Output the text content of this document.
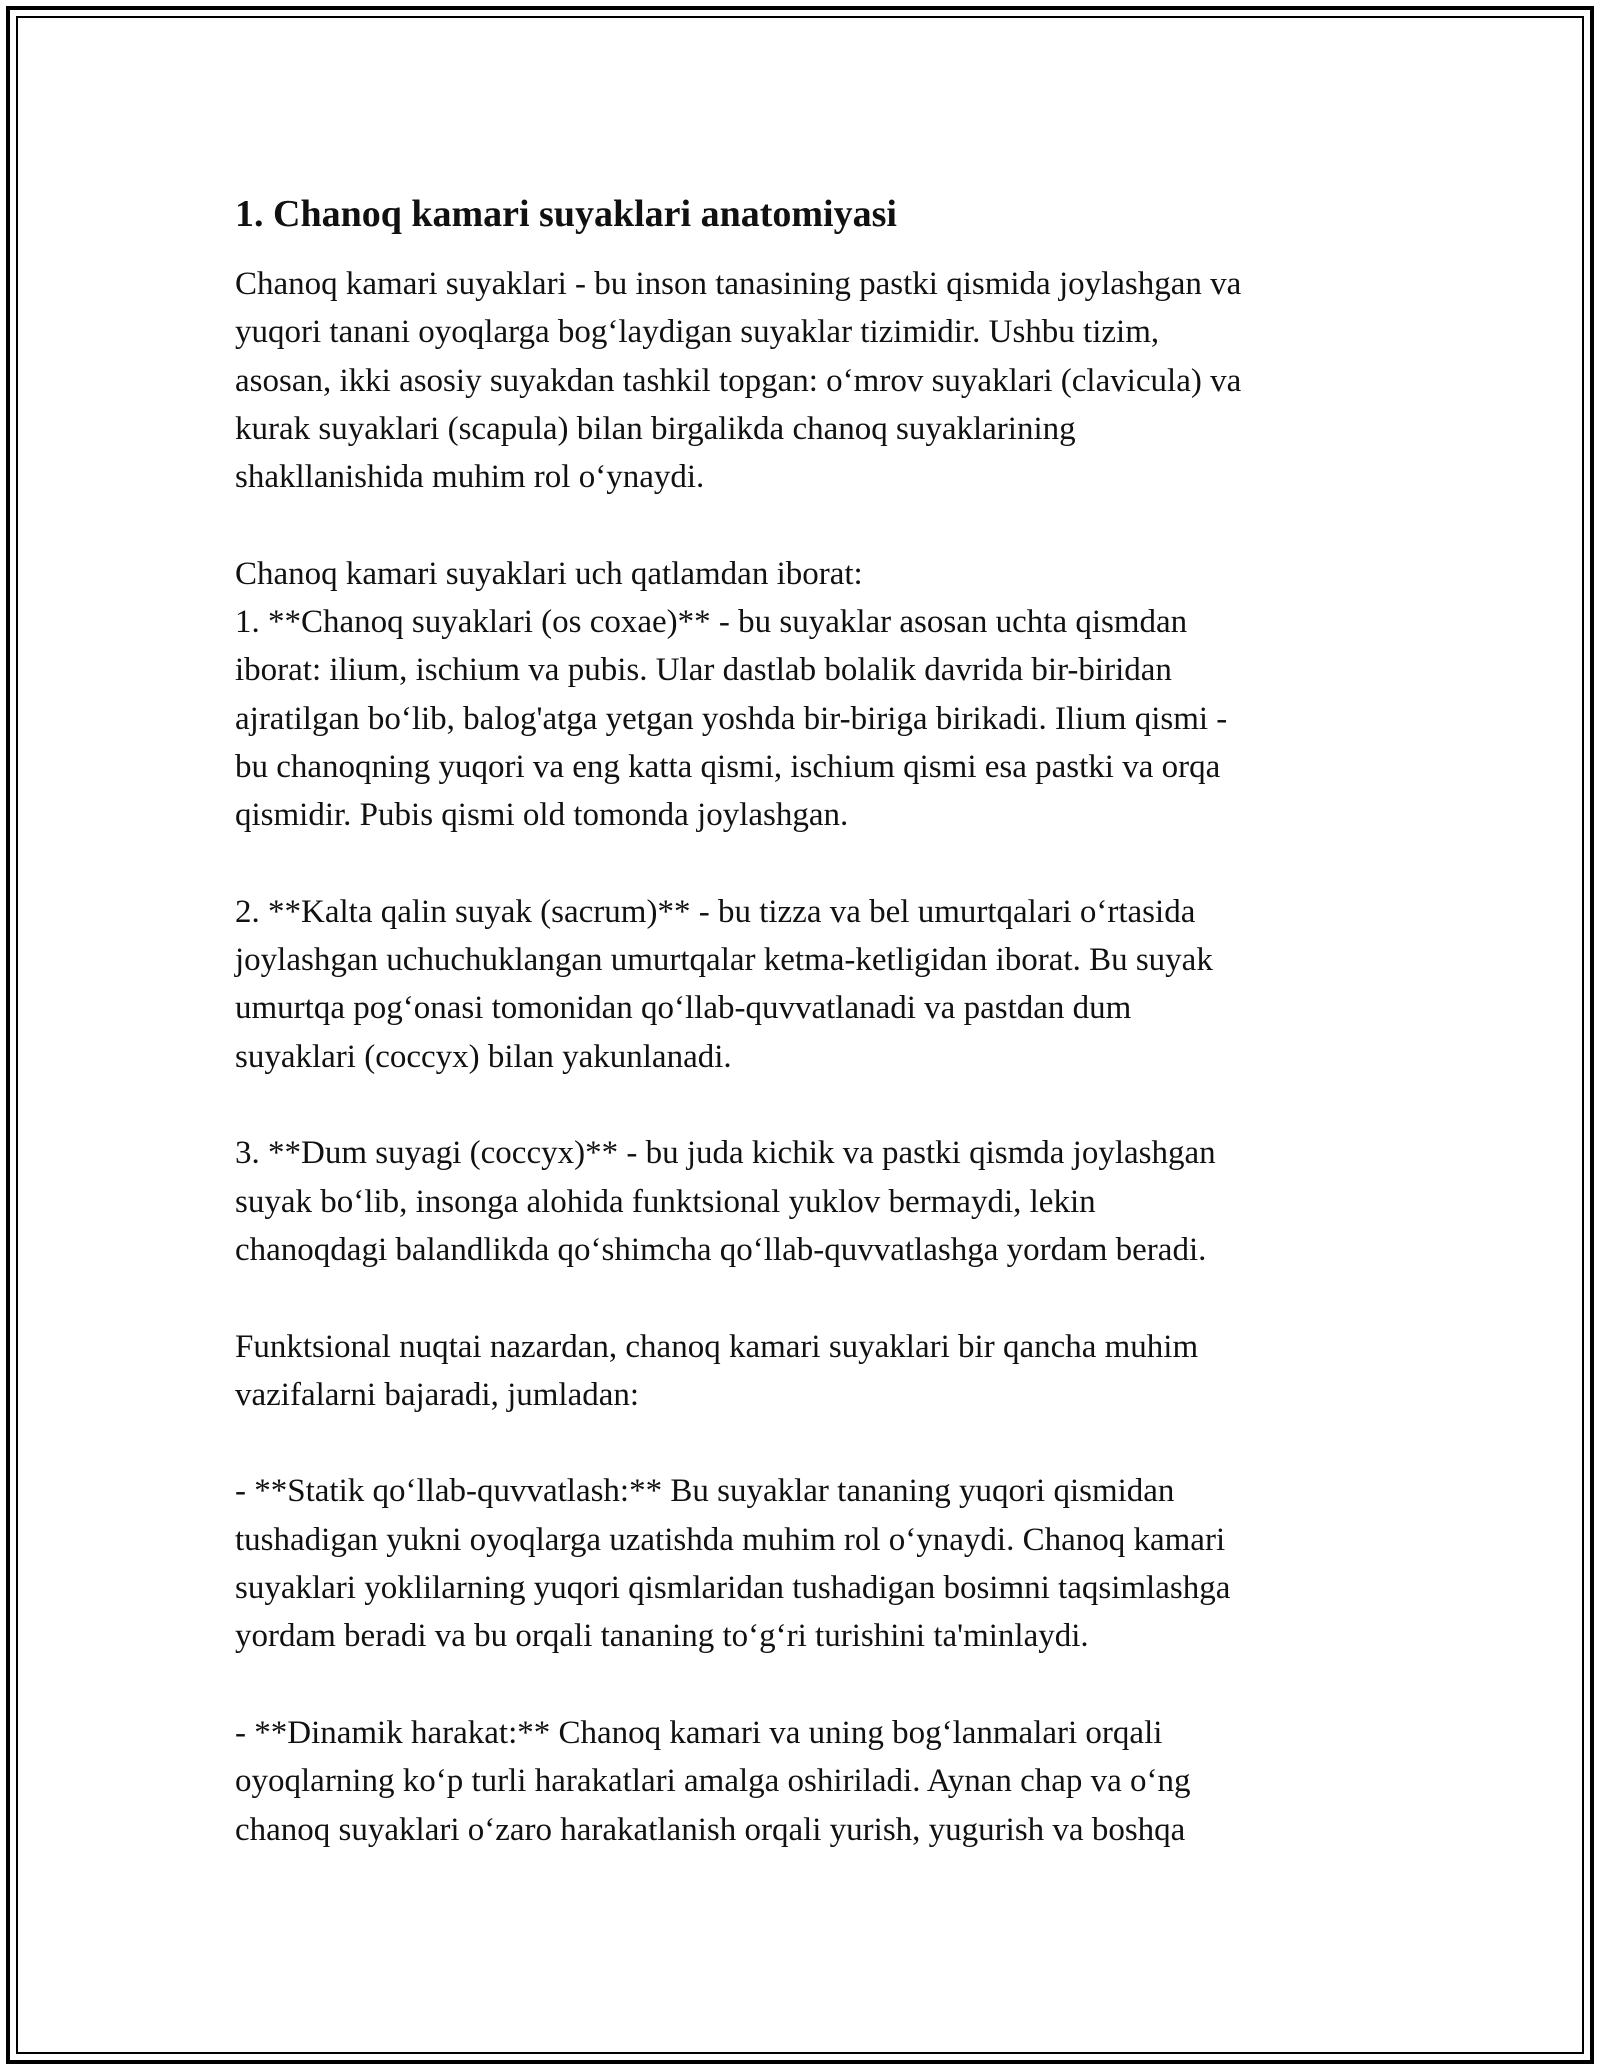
1. Chanoq kamari suyaklari anatomiyasi

Chanoq kamari suyaklari - bu inson tanasining pastki qismida joylashgan va
yuqori tanani oyoqlarga bog‘laydigan suyaklar tizimidir. Ushbu tizim,
asosan, ikki asosiy suyakdan tashkil topgan: o‘mrov suyaklari (clavicula) va
kurak suyaklari (scapula) bilan birgalikda chanoq suyaklarining
shakllanishida muhim rol o‘ynaydi.

Chanoq kamari suyaklari uch qatlamdan iborat:
1. **Chanoq suyaklari (os coxae)** - bu suyaklar asosan uchta qismdan
iborat: ilium, ischium va pubis. Ular dastlab bolalik davrida bir-biridan
ajratilgan bo‘lib, balog'atga yetgan yoshda bir-biriga birikadi. Ilium qismi -
bu chanoqning yuqori va eng katta qismi, ischium qismi esa pastki va orqa
qismidir. Pubis qismi old tomonda joylashgan.

2. **Kalta qalin suyak (sacrum)** - bu tizza va bel umurtqalari o‘rtasida
joylashgan uchuchuklangan umurtqalar ketma-ketligidan iborat. Bu suyak
umurtqa pog‘onasi tomonidan qo‘llab-quvvatlanadi va pastdan dum
suyaklari (coccyx) bilan yakunlanadi.

3. **Dum suyagi (coccyx)** - bu juda kichik va pastki qismda joylashgan
suyak bo‘lib, insonga alohida funktsional yuklov bermaydi, lekin
chanoqdagi balandlikda qo‘shimcha qo‘llab-quvvatlashga yordam beradi.

Funktsional nuqtai nazardan, chanoq kamari suyaklari bir qancha muhim
vazifalarni bajaradi, jumladan:

- **Statik qo‘llab-quvvatlash:** Bu suyaklar tananing yuqori qismidan
tushadigan yukni oyoqlarga uzatishda muhim rol o‘ynaydi. Chanoq kamari
suyaklari yoklilarning yuqori qismlaridan tushadigan bosimni taqsimlashga
yordam beradi va bu orqali tananing to‘g‘ri turishini ta'minlaydi.

- **Dinamik harakat:** Chanoq kamari va uning bog‘lanmalari orqali
oyoqlarning ko‘p turli harakatlari amalga oshiriladi. Aynan chap va o‘ng
chanoq suyaklari o‘zaro harakatlanish orqali yurish, yugurish va boshqa
